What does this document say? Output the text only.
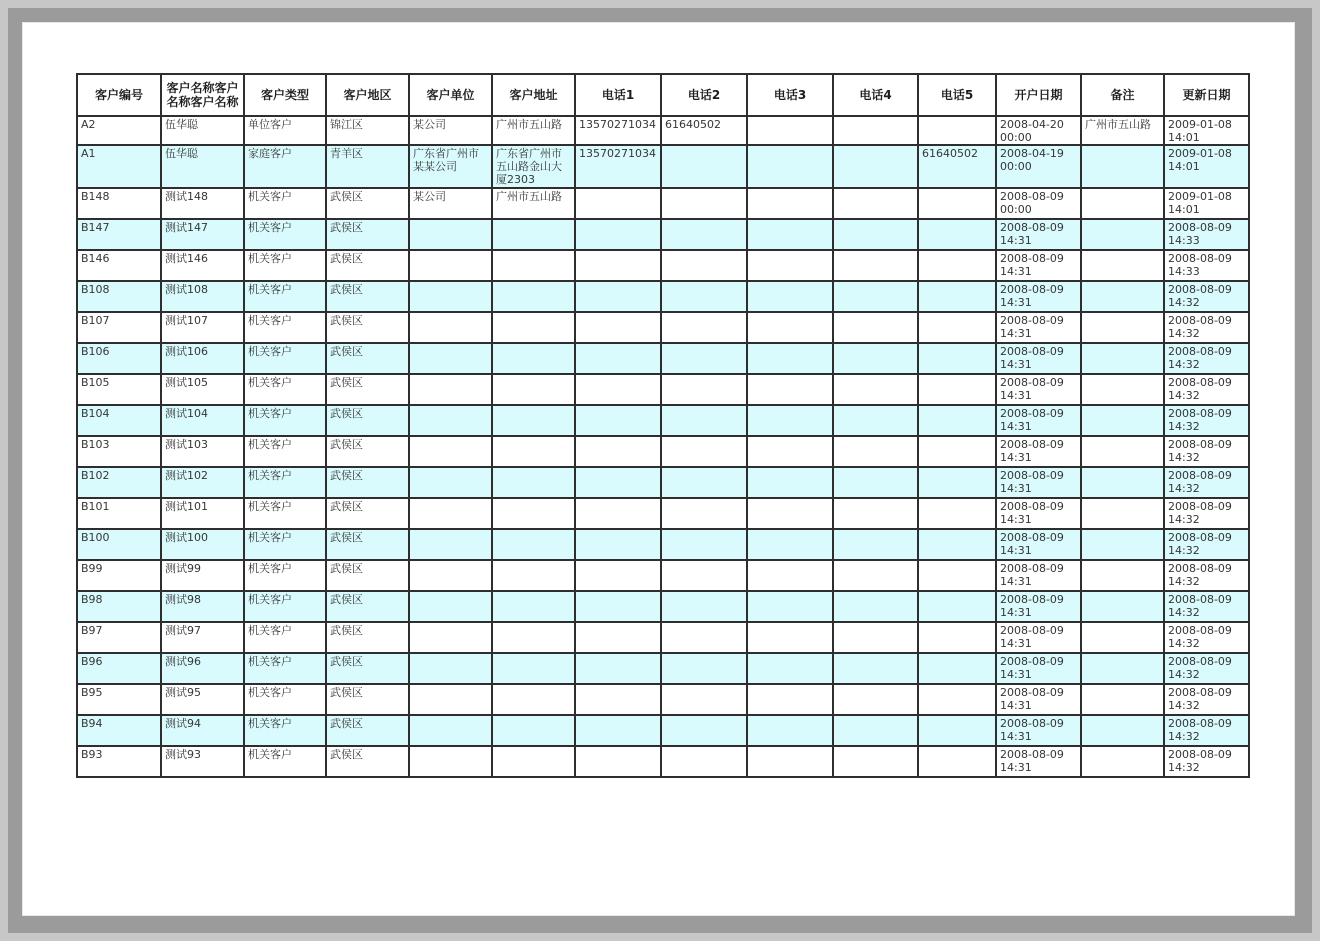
客户编号	客户名称客户名称客户名称	客户类型	客户地区	客户单位	客户地址	电话1	电话2	电话3	电话4	电话5	开户日期	备注	更新日期
A2	伍华聪	单位客户	锦江区	某公司	广州市五山路	13570271034	61640502				2008-04-20 00:00	广州市五山路	2009-01-08 14:01
A1	伍华聪	家庭客户	青羊区	广东省广州市某某公司	广东省广州市五山路金山大厦2303	13570271034				61640502	2008-04-19 00:00		2009-01-08 14:01
B148	测试148	机关客户	武侯区	某公司	广州市五山路						2008-08-09 00:00		2009-01-08 14:01
B147	测试147	机关客户	武侯区								2008-08-09 14:31		2008-08-09 14:33
B146	测试146	机关客户	武侯区								2008-08-09 14:31		2008-08-09 14:33
B108	测试108	机关客户	武侯区								2008-08-09 14:31		2008-08-09 14:32
B107	测试107	机关客户	武侯区								2008-08-09 14:31		2008-08-09 14:32
B106	测试106	机关客户	武侯区								2008-08-09 14:31		2008-08-09 14:32
B105	测试105	机关客户	武侯区								2008-08-09 14:31		2008-08-09 14:32
B104	测试104	机关客户	武侯区								2008-08-09 14:31		2008-08-09 14:32
B103	测试103	机关客户	武侯区								2008-08-09 14:31		2008-08-09 14:32
B102	测试102	机关客户	武侯区								2008-08-09 14:31		2008-08-09 14:32
B101	测试101	机关客户	武侯区								2008-08-09 14:31		2008-08-09 14:32
B100	测试100	机关客户	武侯区								2008-08-09 14:31		2008-08-09 14:32
B99	测试99	机关客户	武侯区								2008-08-09 14:31		2008-08-09 14:32
B98	测试98	机关客户	武侯区								2008-08-09 14:31		2008-08-09 14:32
B97	测试97	机关客户	武侯区								2008-08-09 14:31		2008-08-09 14:32
B96	测试96	机关客户	武侯区								2008-08-09 14:31		2008-08-09 14:32
B95	测试95	机关客户	武侯区								2008-08-09 14:31		2008-08-09 14:32
B94	测试94	机关客户	武侯区								2008-08-09 14:31		2008-08-09 14:32
B93	测试93	机关客户	武侯区								2008-08-09 14:31		2008-08-09 14:32
